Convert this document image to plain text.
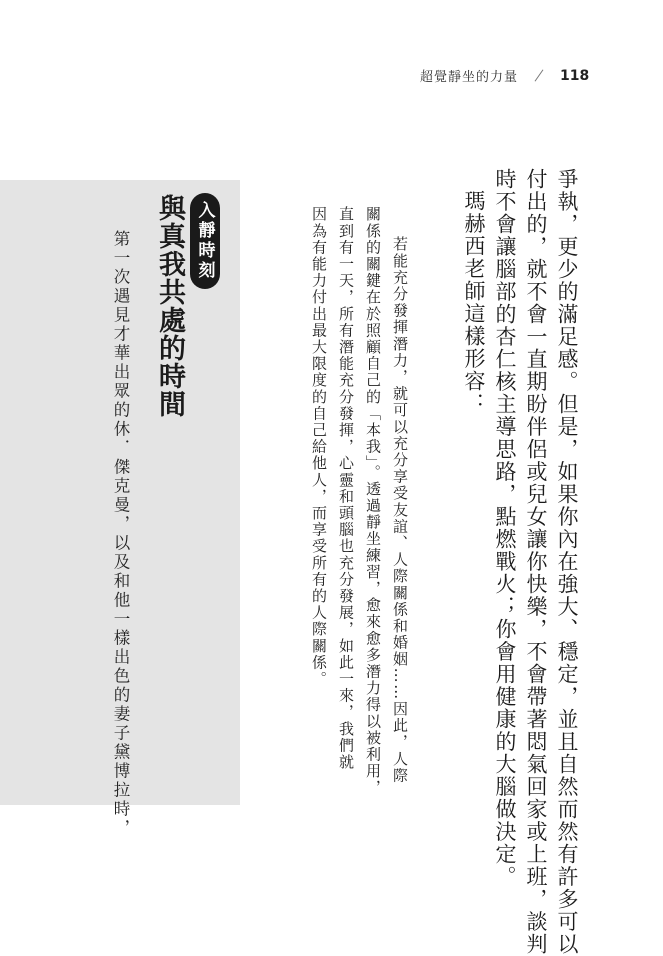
超覺靜坐的力量	118
爭執，更少的滿足感。但是，如果你內在強大、穩定，並且自然而然有許多可以
付出的，就不會一直期盼伴侶或兒女讓你快樂，不會帶著悶氣回家或上班，談判
時不會讓腦部的杏仁核主導思路，點燃戰火；你會用健康的大腦做決定。
瑪赫西老師這樣形容：
若能充分發揮潛力，就可以充分享受友誼、人際關係和婚姻……因此，人際
關係的關鍵在於照顧自己的「本我」。透過靜坐練習，愈來愈多潛力得以被利用，
直到有一天，所有潛能充分發揮，心靈和頭腦也充分發展，如此一來，我們就
因為有能力付出最大限度的自己給他人，而享受所有的人際關係。
入靜時刻
與真我共處的時間
第一次遇見才華出眾的休．傑克曼，以及和他一樣出色的妻子黛博拉時，
